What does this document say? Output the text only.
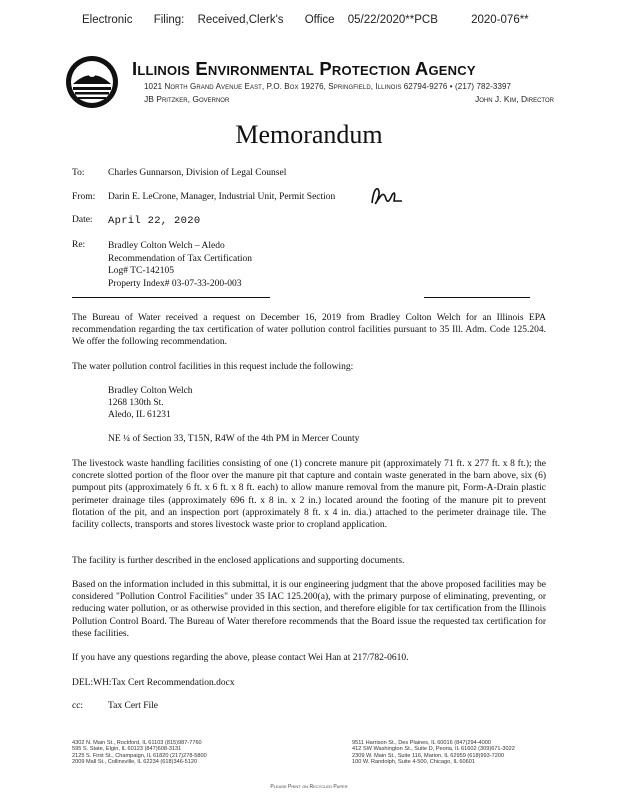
Electronic Filing: Received,Clerk's Office 05/22/2020**PCB	2020-076**
Illinois Environmental Protection Agency
1021 North Grand Avenue East, P.O. Box 19276, Springfield, Illinois 62794-9276 • (217) 782-3397
JB Pritzker, Governor	John J. Kim, Director
Memorandum
To: Charles Gunnarson, Division of Legal Counsel
From: Darin E. LeCrone, Manager, Industrial Unit, Permit Section
Date: April 22, 2020
Re: Bradley Colton Welch – Aledo
Recommendation of Tax Certification
Log# TC-142105
Property Index# 03-07-33-200-003
The Bureau of Water received a request on December 16, 2019 from Bradley Colton Welch for an Illinois EPA recommendation regarding the tax certification of water pollution control facilities pursuant to 35 Ill. Adm. Code 125.204. We offer the following recommendation.
The water pollution control facilities in this request include the following:
Bradley Colton Welch
1268 130th St.
Aledo, IL 61231
NE ¼ of Section 33, T15N, R4W of the 4th PM in Mercer County
The livestock waste handling facilities consisting of one (1) concrete manure pit (approximately 71 ft. x 277 ft. x 8 ft.); the concrete slotted portion of the floor over the manure pit that capture and contain waste generated in the barn above, six (6) pumpout pits (approximately 6 ft. x 6 ft. x 8 ft. each) to allow manure removal from the manure pit, Form-A-Drain plastic perimeter drainage tiles (approximately 696 ft. x 8 in. x 2 in.) located around the footing of the manure pit to prevent flotation of the pit, and an inspection port (approximately 8 ft. x 4 in. dia.) attached to the perimeter drainage tile. The facility collects, transports and stores livestock waste prior to cropland application.
The facility is further described in the enclosed applications and supporting documents.
Based on the information included in this submittal, it is our engineering judgment that the above proposed facilities may be considered "Pollution Control Facilities" under 35 IAC 125.200(a), with the primary purpose of eliminating, preventing, or reducing water pollution, or as otherwise provided in this section, and therefore eligible for tax certification from the Illinois Pollution Control Board. The Bureau of Water therefore recommends that the Board issue the requested tax certification for these facilities.
If you have any questions regarding the above, please contact Wei Han at 217/782-0610.
DEL:WH:Tax Cert Recommendation.docx
cc:	Tax Cert File
4302 N. Main St., Rockford, IL 61103 (815)987-7760
595 S. State, Elgin, IL 60123 (847)608-3131
2125 S. First St., Champaign, IL 61820 (217)278-5800
2009 Mall St., Collinsville, IL 62234 (618)346-5120
9511 Harrison St., Des Plaines, IL 60016 (847)294-4000
412 SW Washington St., Suite D, Peoria, IL 61602 (309)671-3022
2309 W. Main St., Suite 116, Marion, IL 62959 (618)993-7200
100 W. Randolph, Suite 4-500, Chicago, IL 60601
Please Print on Recycled Paper
